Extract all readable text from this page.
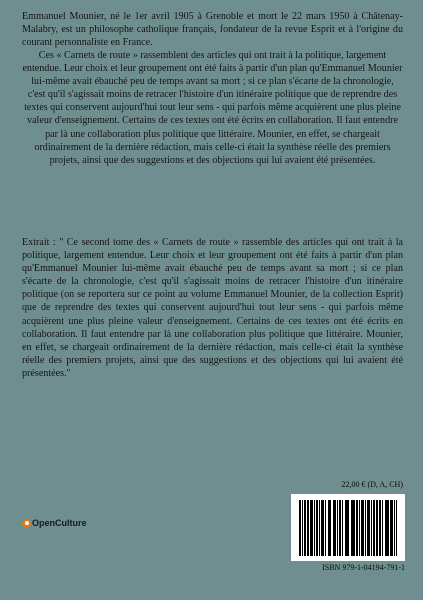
Emmanuel Mounier, né le 1er avril 1905 à Grenoble et mort le 22 mars 1950 à Châtenay-Malabry, est un philosophe catholique français, fondateur de la revue Esprit et à l'origine du courant personnaliste en France.

Ces « Carnets de route » rassemblent des articles qui ont trait à la politique, largement entendue. Leur choix et leur groupement ont été faits à partir d'un plan qu'Emmanuel Mounier lui-même avait ébauché peu de temps avant sa mort ; si ce plan s'écarte de la chronologie, c'est qu'il s'agissait moins de retracer l'histoire d'un itinéraire politique que de reprendre des textes qui conservent aujourd'hui tout leur sens - qui parfois même acquièrent une plus pleine valeur d'enseignement. Certains de ces textes ont été écrits en collaboration. Il faut entendre par là une collaboration plus politique que littéraire. Mounier, en effet, se chargeait ordinairement de la dernière rédaction, mais celle-ci était la synthèse réelle des premiers projets, ainsi que des suggestions et des objections qui lui avaient été présentées.

Extrait : " Ce second tome des « Carnets de route » rassemble des articles qui ont trait à la politique, largement entendue. Leur choix et leur groupement ont été faits à partir d'un plan qu'Emmanuel Mounier lui-même avait ébauché peu de temps avant sa mort ; si ce plan s'écarte de la chronologie, c'est qu'il s'agissait moins de retracer l'histoire d'un itinéraire politique (on se reportera sur ce point au volume Emmanuel Mounier, de la collection Esprit) que de reprendre des textes qui conservent aujourd'hui tout leur sens - qui parfois même acquièrent une plus pleine valeur d'enseignement. Certains de ces textes ont été écrits en collaboration. Il faut entendre par là une collaboration plus politique que littéraire. Mounier, en effet, se chargeait ordinairement de la dernière rédaction, mais celle-ci était la synthèse réelle des premiers projets, ainsi que des suggestions et des objections qui lui avaient été présentées."

22,00 € (D, A, CH)
OpenCulture
ISBN 979-1-04194-791-1
